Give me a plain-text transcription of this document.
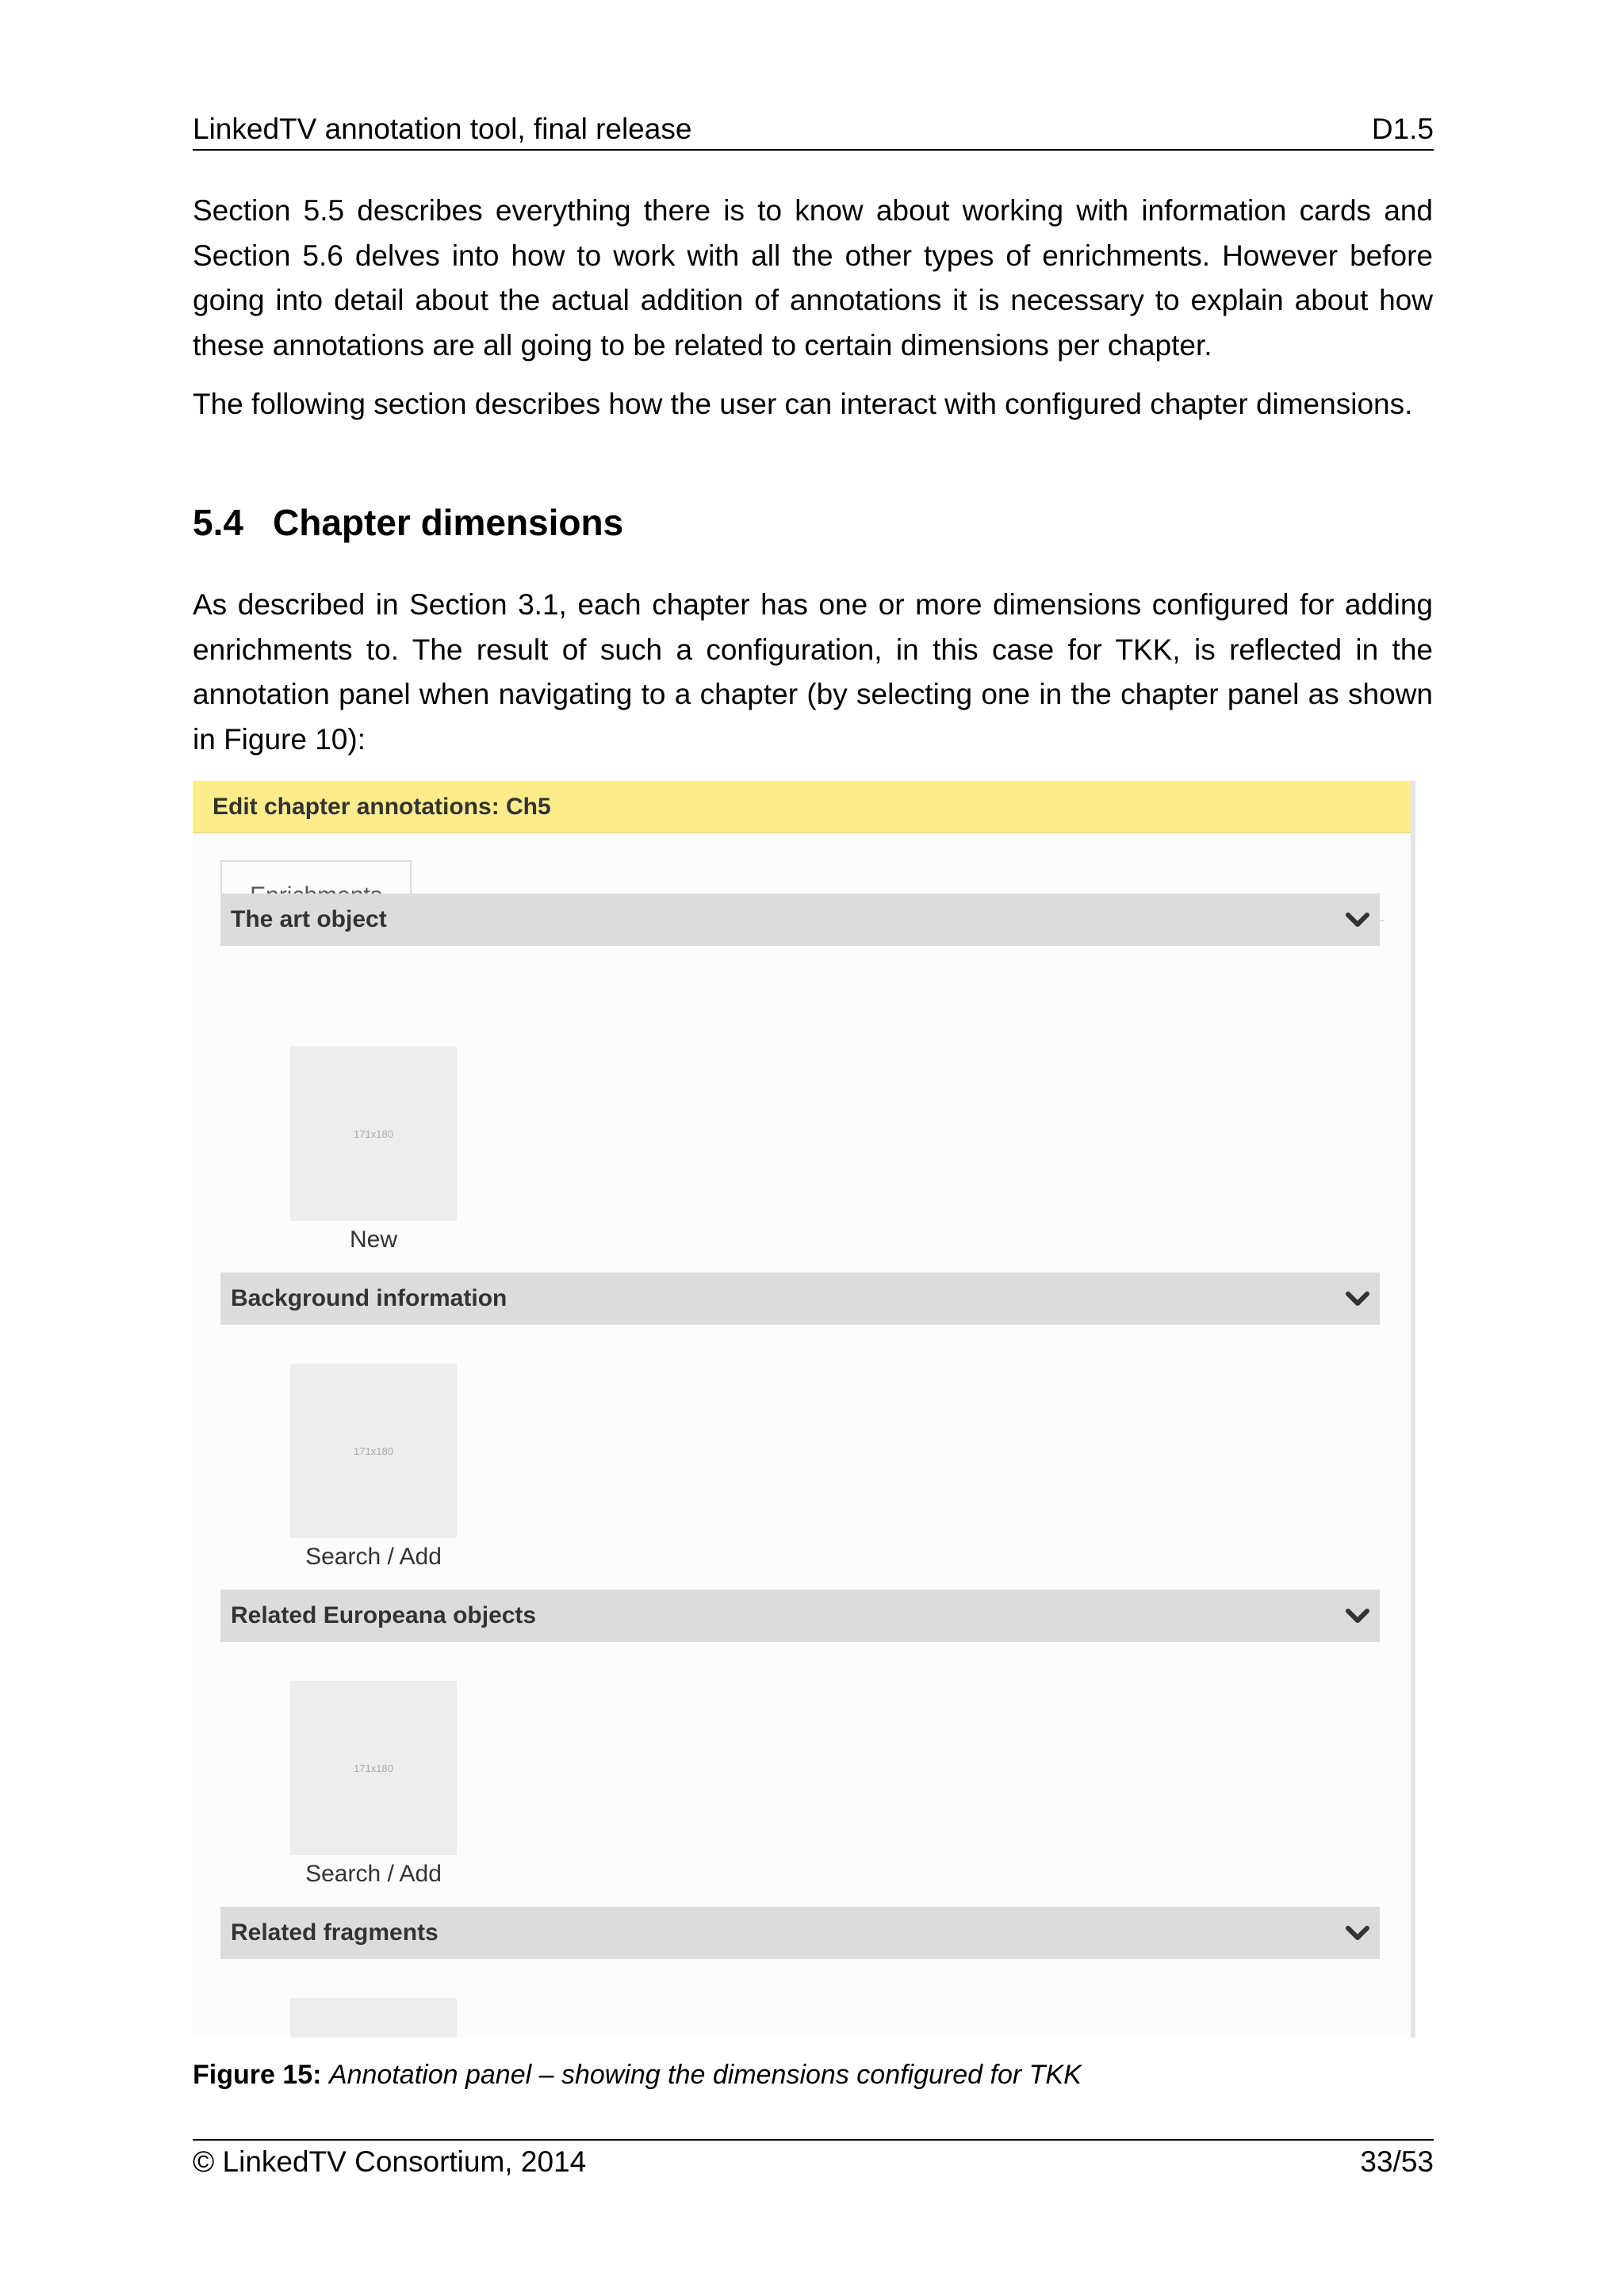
LinkedTV annotation tool, final release	D1.5

Section 5.5 describes everything there is to know about working with information cards and Section 5.6 delves into how to work with all the other types of enrichments. However before going into detail about the actual addition of annotations it is necessary to explain about how these annotations are all going to be related to certain dimensions per chapter.

The following section describes how the user can interact with configured chapter dimensions.

5.4 Chapter dimensions

As described in Section 3.1, each chapter has one or more dimensions configured for adding enrichments to. The result of such a configuration, in this case for TKK, is reflected in the annotation panel when navigating to a chapter (by selecting one in the chapter panel as shown in Figure 10):

Edit chapter annotations: Ch5
The art object
171x180
New
Background information
171x180
Search / Add
Related Europeana objects
171x180
Search / Add
Related fragments
Figure 15: Annotation panel – showing the dimensions configured for TKK
© LinkedTV Consortium, 2014	33/53
